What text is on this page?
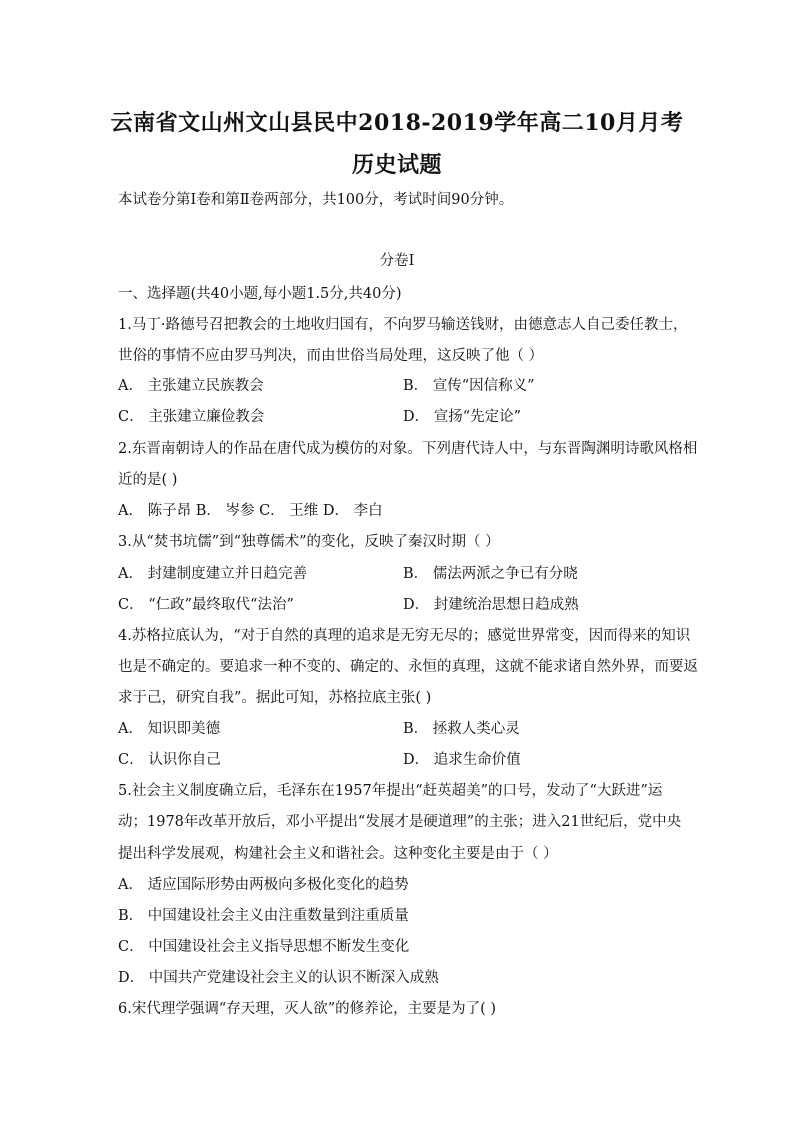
云南省文山州文山县民中2018-2019学年高二10月月考
历史试题
本试卷分第Ⅰ卷和第Ⅱ卷两部分，共100分，考试时间90分钟。
分卷I
一、选择题(共40小题,每小题1.5分,共40分)
1.马丁·路德号召把教会的土地收归国有，不向罗马输送钱财，由德意志人自己委任教士，
世俗的事情不应由罗马判决，而由世俗当局处理，这反映了他（ ）
A． 主张建立民族教会	B． 宣传“因信称义”
C． 主张建立廉俭教会	D． 宣扬“先定论”
2.东晋南朝诗人的作品在唐代成为模仿的对象。下列唐代诗人中，与东晋陶渊明诗歌风格相
近的是( )
A． 陈子昂 B． 岑参 C． 王维 D． 李白
3.从“焚书坑儒”到“独尊儒术”的变化，反映了秦汉时期（ ）
A． 封建制度建立并日趋完善	B． 儒法两派之争已有分晓
C． “仁政”最终取代“法治”	D． 封建统治思想日趋成熟
4.苏格拉底认为，“对于自然的真理的追求是无穷无尽的；感觉世界常变，因而得来的知识
也是不确定的。要追求一种不变的、确定的、永恒的真理，这就不能求诸自然外界，而要返
求于己，研究自我”。据此可知，苏格拉底主张( )
A． 知识即美德	B． 拯救人类心灵
C． 认识你自己	D． 追求生命价值
5.社会主义制度确立后，毛泽东在1957年提出“赶英超美”的口号，发动了“大跃进”运
动；1978年改革开放后，邓小平提出“发展才是硬道理”的主张；进入21世纪后，党中央
提出科学发展观，构建社会主义和谐社会。这种变化主要是由于（ ）
A． 适应国际形势由两极向多极化变化的趋势
B． 中国建设社会主义由注重数量到注重质量
C． 中国建设社会主义指导思想不断发生变化
D． 中国共产党建设社会主义的认识不断深入成熟
6.宋代理学强调“存天理，灭人欲”的修养论，主要是为了( )
